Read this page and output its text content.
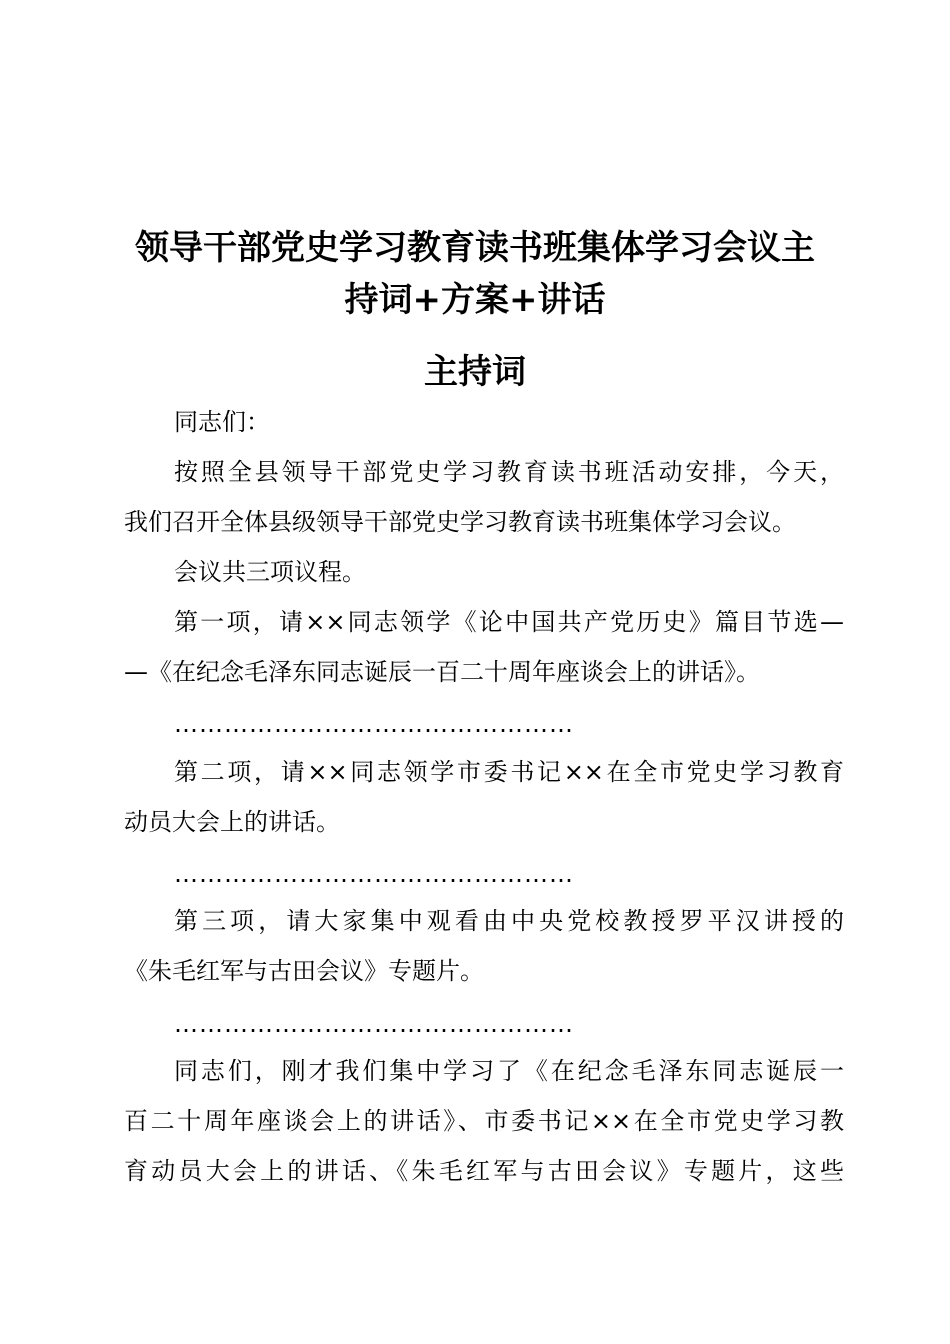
领导干部党史学习教育读书班集体学习会议主
持词+方案+讲话
主持词
同志们：
按照全县领导干部党史学习教育读书班活动安排，今天，
我们召开全体县级领导干部党史学习教育读书班集体学习会议。
会议共三项议程。
第一项，请××同志领学《论中国共产党历史》篇目节选—
—《在纪念毛泽东同志诞辰一百二十周年座谈会上的讲话》。
…………………………………………
第二项，请××同志领学市委书记××在全市党史学习教育
动员大会上的讲话。
…………………………………………
第三项，请大家集中观看由中央党校教授罗平汉讲授的
《朱毛红军与古田会议》专题片。
…………………………………………
同志们，刚才我们集中学习了《在纪念毛泽东同志诞辰一
百二十周年座谈会上的讲话》、市委书记××在全市党史学习教
育动员大会上的讲话、《朱毛红军与古田会议》专题片，这些
